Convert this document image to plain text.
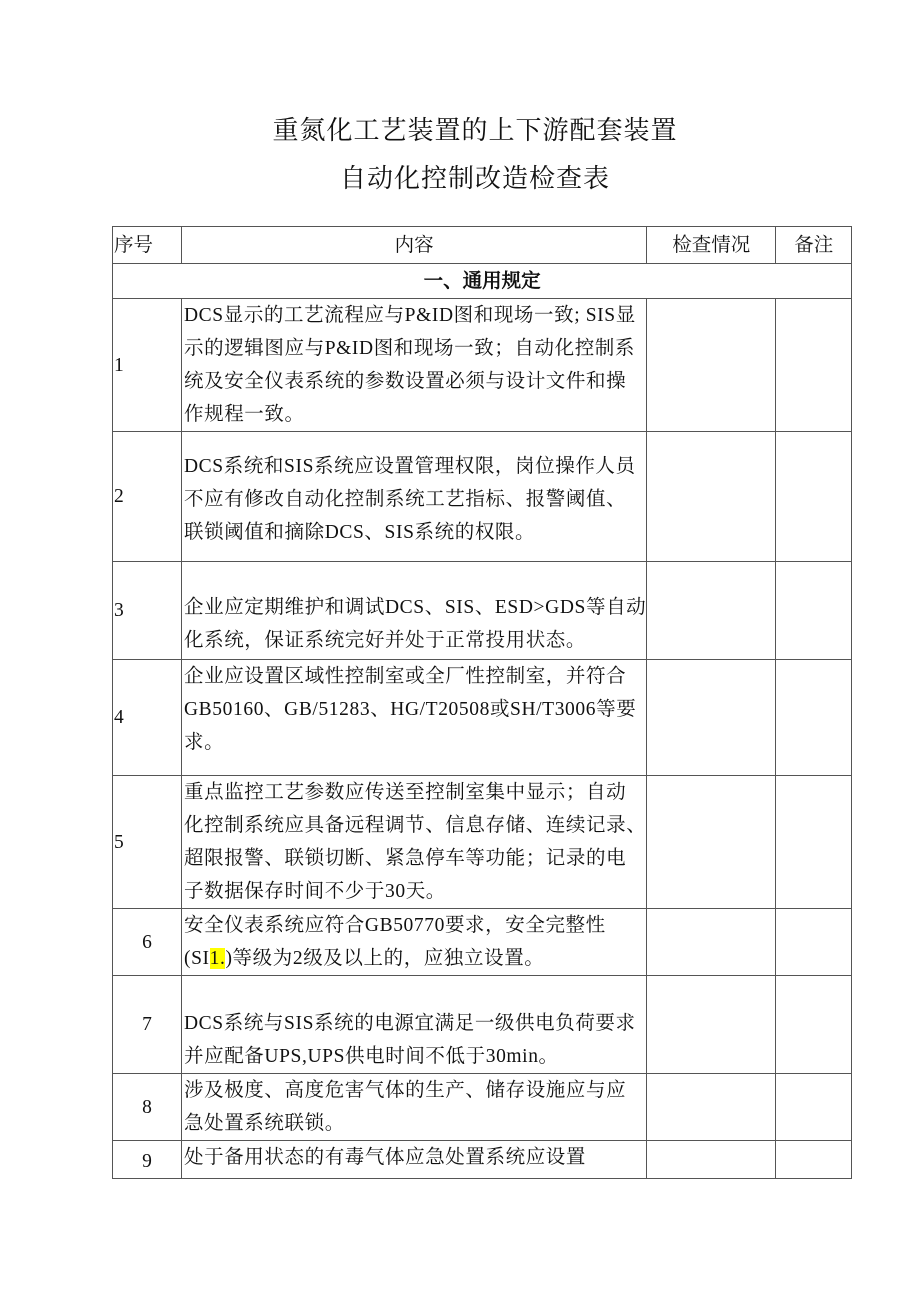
重氮化工艺装置的上下游配套装置
自动化控制改造检查表
序号	内容	检查情况	备注
一、通用规定			
1	DCS显示的工艺流程应与P&ID图和现场一致; SIS显
示的逻辑图应与P&ID图和现场一致；自动化控制系
统及安全仪表系统的参数设置必须与设计文件和操
作规程一致。		

2	DCS系统和SIS系统应设置管理权限，岗位操作人员
不应有修改自动化控制系统工艺指标、报警阈值、
联锁阈值和摘除DCS、SIS系统的权限。		

3	企业应定期维护和调试DCS、SIS、ESD>GDS等自动
化系统，保证系统完好并处于正常投用状态。		

4	企业应设置区域性控制室或全厂性控制室，并符合
GB50160、GB/51283、HG/T20508或SH/T3006等要
求。		

5	重点监控工艺参数应传送至控制室集中显示；自动
化控制系统应具备远程调节、信息存储、连续记录、
超限报警、联锁切断、紧急停车等功能；记录的电
子数据保存时间不少于30天。		

6	安全仪表系统应符合GB50770要求，安全完整性
(SI1.)等级为2级及以上的，应独立设置。		

7	DCS系统与SIS系统的电源宜满足一级供电负荷要求
并应配备UPS,UPS供电时间不低于30min。		

8	涉及极度、高度危害气体的生产、储存设施应与应
急处置系统联锁。		

9	处于备用状态的有毒气体应急处置系统应设置		
